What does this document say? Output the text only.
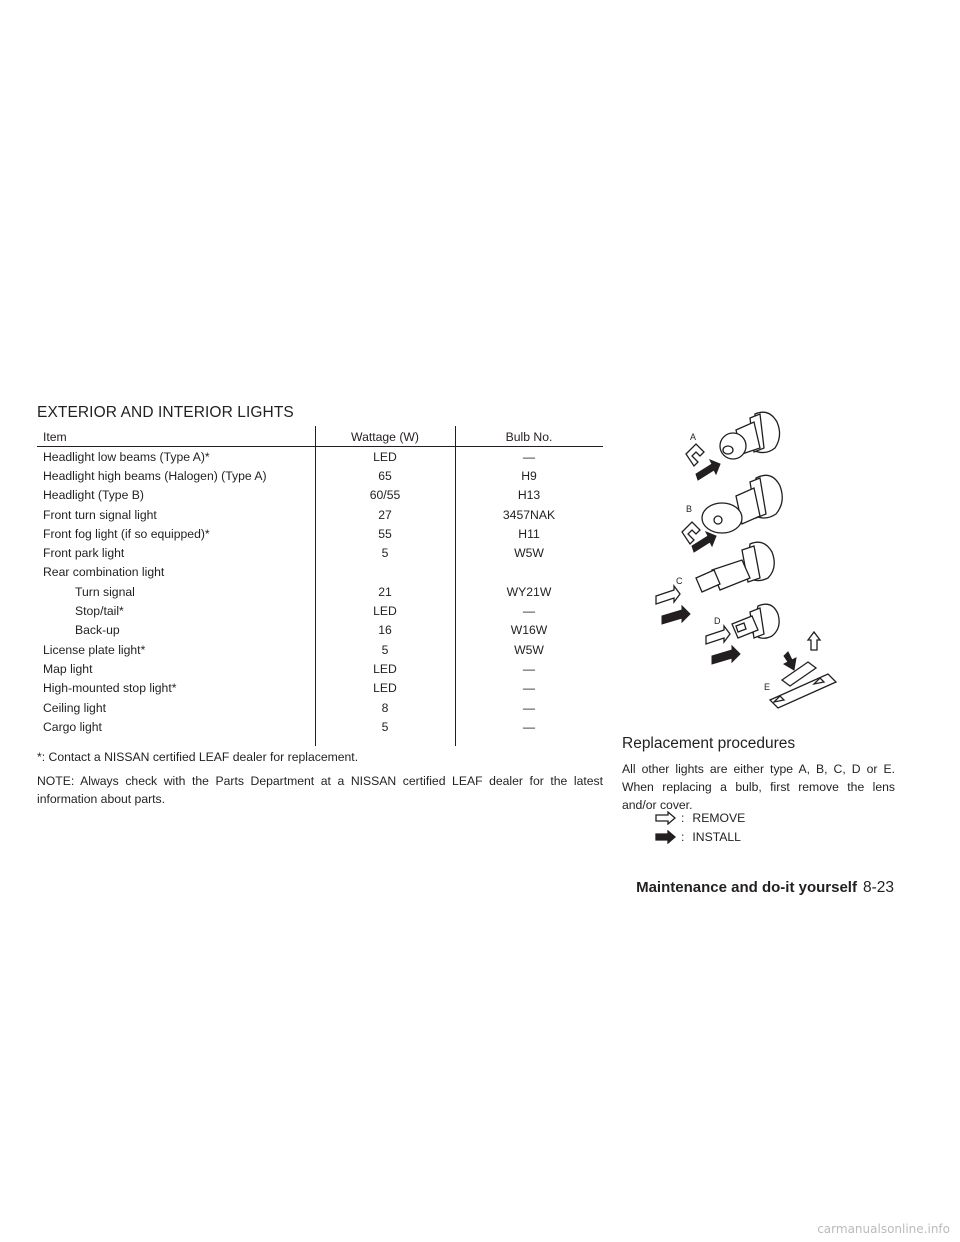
EXTERIOR AND INTERIOR LIGHTS
Item	Wattage (W)	Bulb No.
Headlight low beams (Type A)*	LED	—
Headlight high beams (Halogen) (Type A)	65	H9
Headlight (Type B)	60/55	H13
Front turn signal light	27	3457NAK
Front fog light (if so equipped)*	55	H11
Front park light	5	W5W
Rear combination light
Turn signal	21	WY21W
Stop/tail*	LED	—
Back-up	16	W16W
License plate light*	5	W5W
Map light	LED	—
High-mounted stop light*	LED	—
Ceiling light	8	—
Cargo light	5	—
*: Contact a NISSAN certified LEAF dealer for replacement.
NOTE: Always check with the Parts Department at a NISSAN certified LEAF dealer for the latest information about parts.
A
B
C
D
E
Replacement procedures
All other lights are either type A, B, C, D or E. When replacing a bulb, first remove the lens and/or cover.
: REMOVE
: INSTALL
Maintenance and do-it yourself 8-23
carmanualsonline.info
